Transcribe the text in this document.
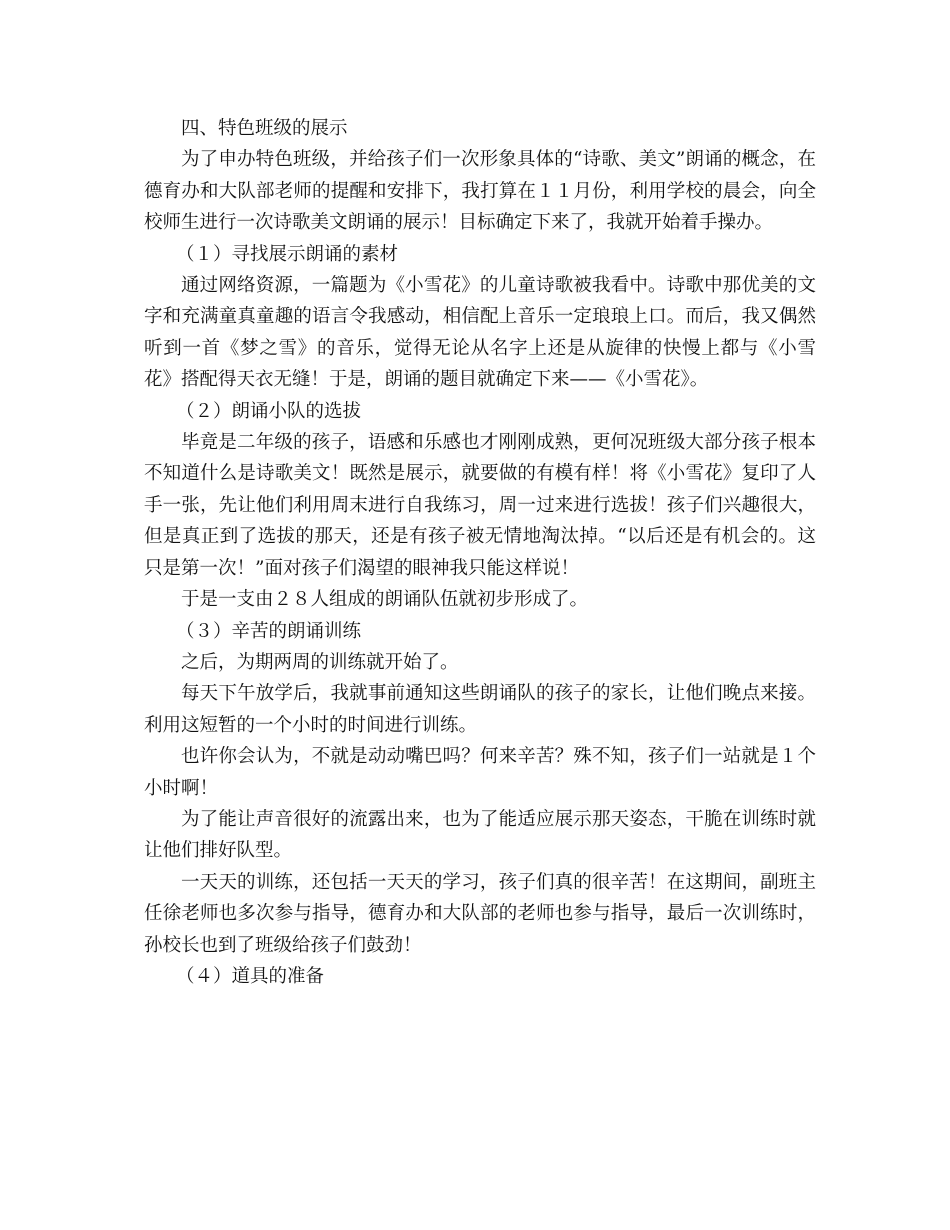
四、特色班级的展示

为了申办特色班级，并给孩子们一次形象具体的“诗歌、美文”朗诵的概念，在德育办和大队部老师的提醒和安排下，我打算在１１月份，利用学校的晨会，向全校师生进行一次诗歌美文朗诵的展示！目标确定下来了，我就开始着手操办。

（１）寻找展示朗诵的素材

通过网络资源，一篇题为《小雪花》的儿童诗歌被我看中。诗歌中那优美的文字和充满童真童趣的语言令我感动，相信配上音乐一定琅琅上口。而后，我又偶然听到一首《梦之雪》的音乐，觉得无论从名字上还是从旋律的快慢上都与《小雪花》搭配得天衣无缝！于是，朗诵的题目就确定下来——《小雪花》。

（２）朗诵小队的选拔

毕竟是二年级的孩子，语感和乐感也才刚刚成熟，更何况班级大部分孩子根本不知道什么是诗歌美文！既然是展示，就要做的有模有样！将《小雪花》复印了人手一张，先让他们利用周末进行自我练习，周一过来进行选拔！孩子们兴趣很大，但是真正到了选拔的那天，还是有孩子被无情地淘汰掉。“以后还是有机会的。这只是第一次！”面对孩子们渴望的眼神我只能这样说！

于是一支由２８人组成的朗诵队伍就初步形成了。

（３）辛苦的朗诵训练

之后，为期两周的训练就开始了。

每天下午放学后，我就事前通知这些朗诵队的孩子的家长，让他们晚点来接。利用这短暂的一个小时的时间进行训练。

也许你会认为，不就是动动嘴巴吗？何来辛苦？殊不知，孩子们一站就是１个小时啊！

为了能让声音很好的流露出来，也为了能适应展示那天姿态，干脆在训练时就让他们排好队型。

一天天的训练，还包括一天天的学习，孩子们真的很辛苦！在这期间，副班主任徐老师也多次参与指导，德育办和大队部的老师也参与指导，最后一次训练时，孙校长也到了班级给孩子们鼓劲！

（４）道具的准备
